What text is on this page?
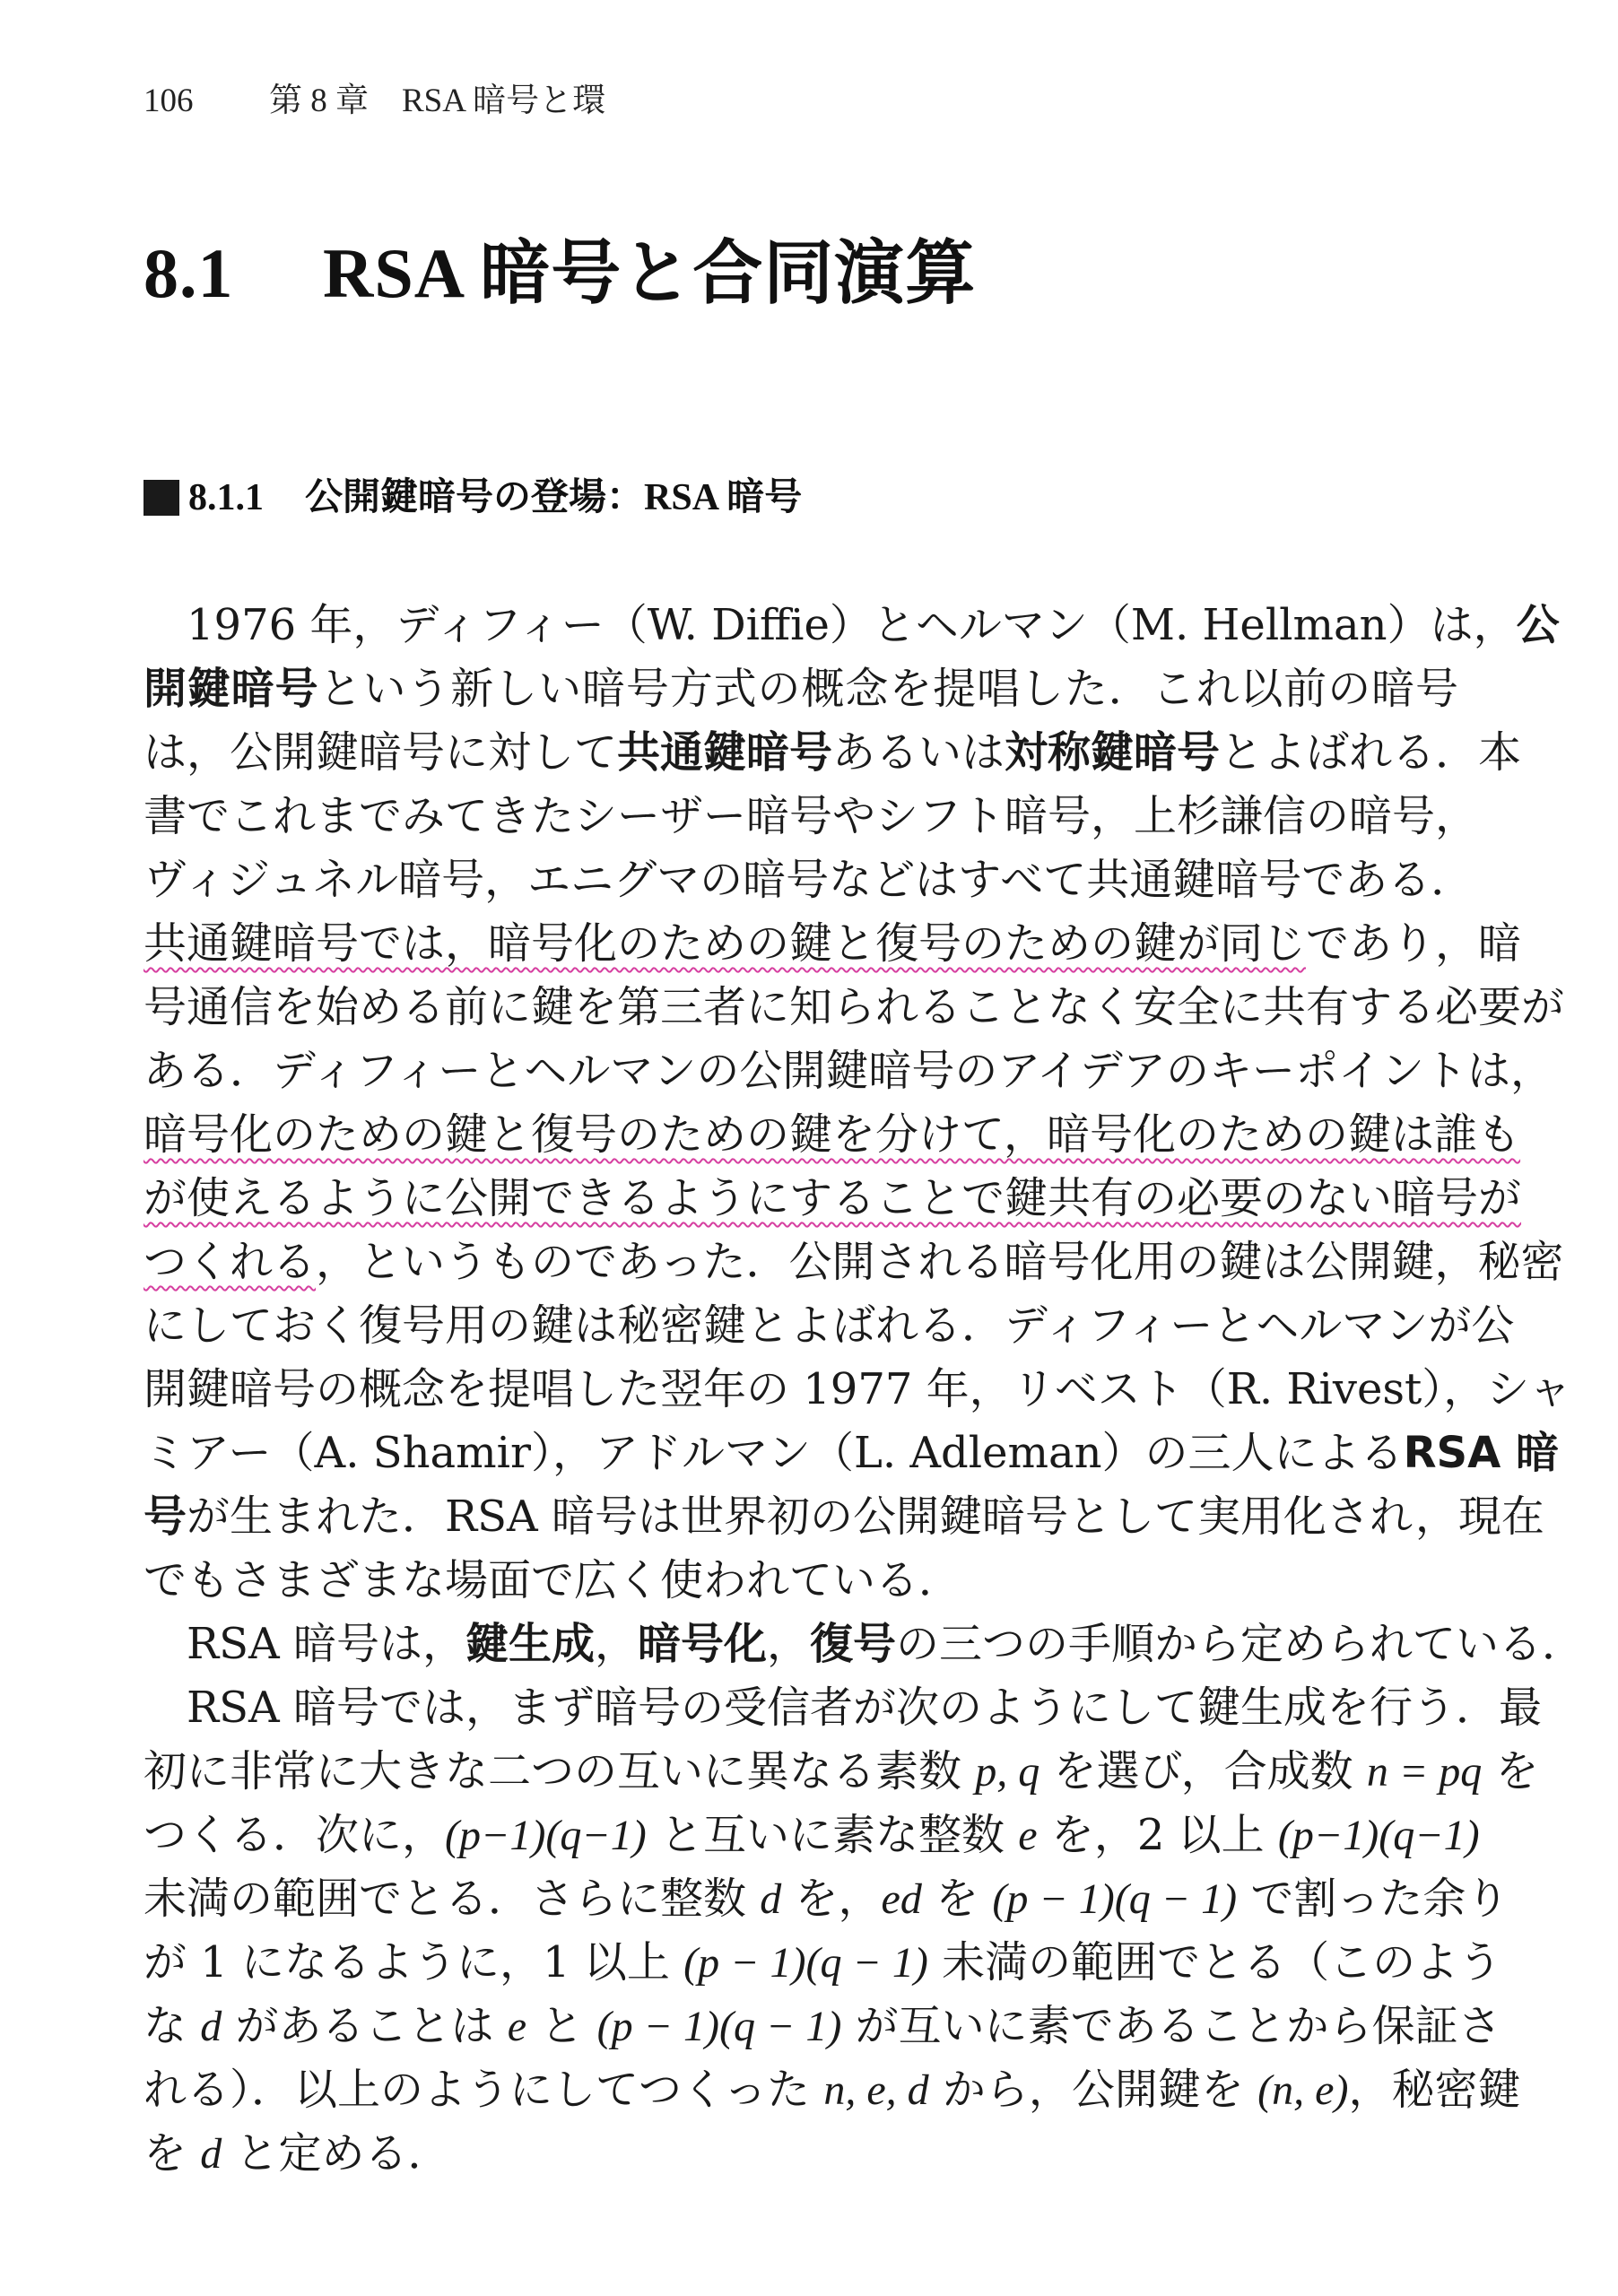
106 第 8 章　RSA 暗号と環
8.1 RSA 暗号と合同演算
8.1.1	公開鍵暗号の登場：RSA 暗号
1976 年，ディフィー（W. Diffie）とヘルマン（M. Hellman）は，公
開鍵暗号という新しい暗号方式の概念を提唱した．これ以前の暗号
は，公開鍵暗号に対して共通鍵暗号あるいは対称鍵暗号とよばれる．本
書でこれまでみてきたシーザー暗号やシフト暗号，上杉謙信の暗号，
ヴィジュネル暗号，エニグマの暗号などはすべて共通鍵暗号である．
共通鍵暗号では，暗号化のための鍵と復号のための鍵が同じであり，暗
号通信を始める前に鍵を第三者に知られることなく安全に共有する必要が
ある．ディフィーとヘルマンの公開鍵暗号のアイデアのキーポイントは，
暗号化のための鍵と復号のための鍵を分けて，暗号化のための鍵は誰も
が使えるように公開できるようにすることで鍵共有の必要のない暗号が
つくれる，というものであった．公開される暗号化用の鍵は公開鍵，秘密
にしておく復号用の鍵は秘密鍵とよばれる．ディフィーとヘルマンが公
開鍵暗号の概念を提唱した翌年の 1977 年，リベスト（R. Rivest），シャ
ミアー（A. Shamir），アドルマン（L. Adleman）の三人によるRSA 暗
号が生まれた．RSA 暗号は世界初の公開鍵暗号として実用化され，現在
でもさまざまな場面で広く使われている．
RSA 暗号は，鍵生成，暗号化，復号の三つの手順から定められている．
RSA 暗号では，まず暗号の受信者が次のようにして鍵生成を行う．最
初に非常に大きな二つの互いに異なる素数 p, q を選び，合成数 n = pq を
つくる．次に，(p−1)(q−1) と互いに素な整数 e を，2 以上 (p−1)(q−1)
未満の範囲でとる．さらに整数 d を，ed を (p − 1)(q − 1) で割った余り
が 1 になるように，1 以上 (p − 1)(q − 1) 未満の範囲でとる（このよう
な d があることは e と (p − 1)(q − 1) が互いに素であることから保証さ
れる）．以上のようにしてつくった n, e, d から，公開鍵を (n, e)，秘密鍵
を d と定める．
